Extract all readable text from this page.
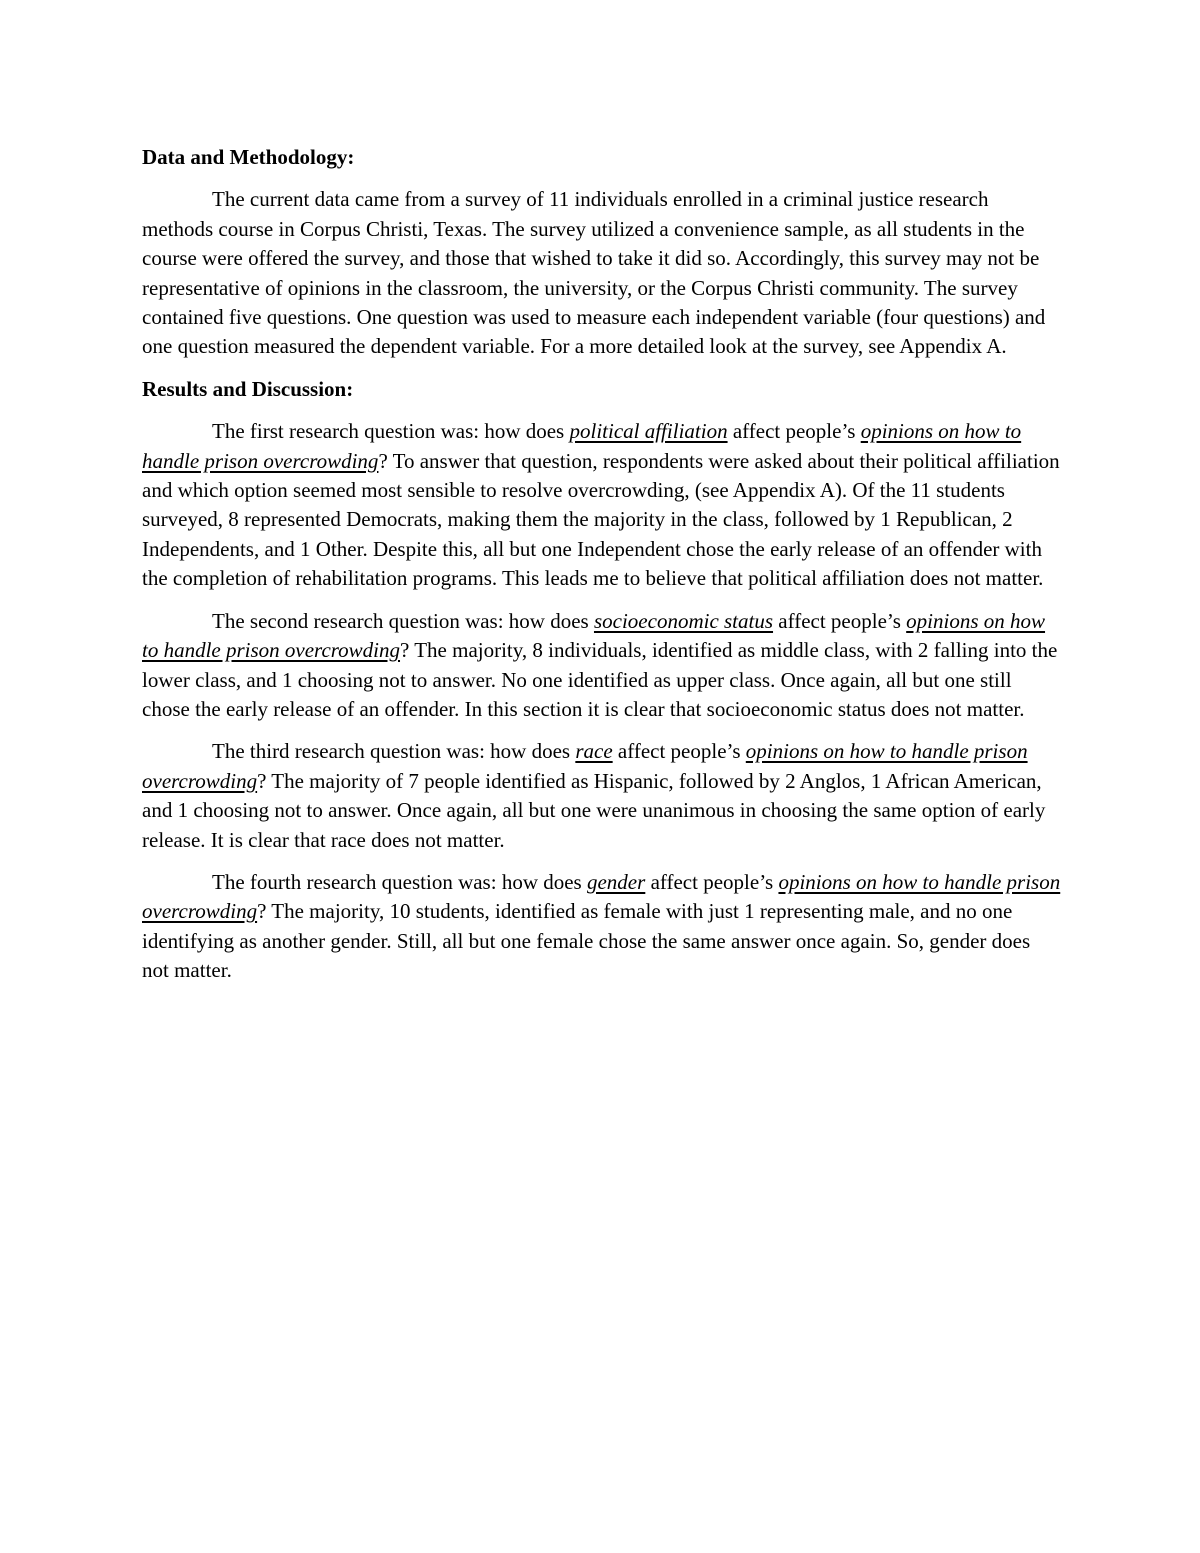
Data and Methodology:

The current data came from a survey of 11 individuals enrolled in a criminal justice research methods course in Corpus Christi, Texas. The survey utilized a convenience sample, as all students in the course were offered the survey, and those that wished to take it did so. Accordingly, this survey may not be representative of opinions in the classroom, the university, or the Corpus Christi community. The survey contained five questions. One question was used to measure each independent variable (four questions) and one question measured the dependent variable. For a more detailed look at the survey, see Appendix A.

Results and Discussion:

The first research question was: how does political affiliation affect people’s opinions on how to handle prison overcrowding? To answer that question, respondents were asked about their political affiliation and which option seemed most sensible to resolve overcrowding, (see Appendix A). Of the 11 students surveyed, 8 represented Democrats, making them the majority in the class, followed by 1 Republican, 2 Independents, and 1 Other. Despite this, all but one Independent chose the early release of an offender with the completion of rehabilitation programs. This leads me to believe that political affiliation does not matter.

The second research question was: how does socioeconomic status affect people’s opinions on how to handle prison overcrowding? The majority, 8 individuals, identified as middle class, with 2 falling into the lower class, and 1 choosing not to answer. No one identified as upper class. Once again, all but one still chose the early release of an offender. In this section it is clear that socioeconomic status does not matter.

The third research question was: how does race affect people’s opinions on how to handle prison overcrowding? The majority of 7 people identified as Hispanic, followed by 2 Anglos, 1 African American, and 1 choosing not to answer. Once again, all but one were unanimous in choosing the same option of early release. It is clear that race does not matter.

The fourth research question was: how does gender affect people’s opinions on how to handle prison overcrowding? The majority, 10 students, identified as female with just 1 representing male, and no one identifying as another gender. Still, all but one female chose the same answer once again. So, gender does not matter.
